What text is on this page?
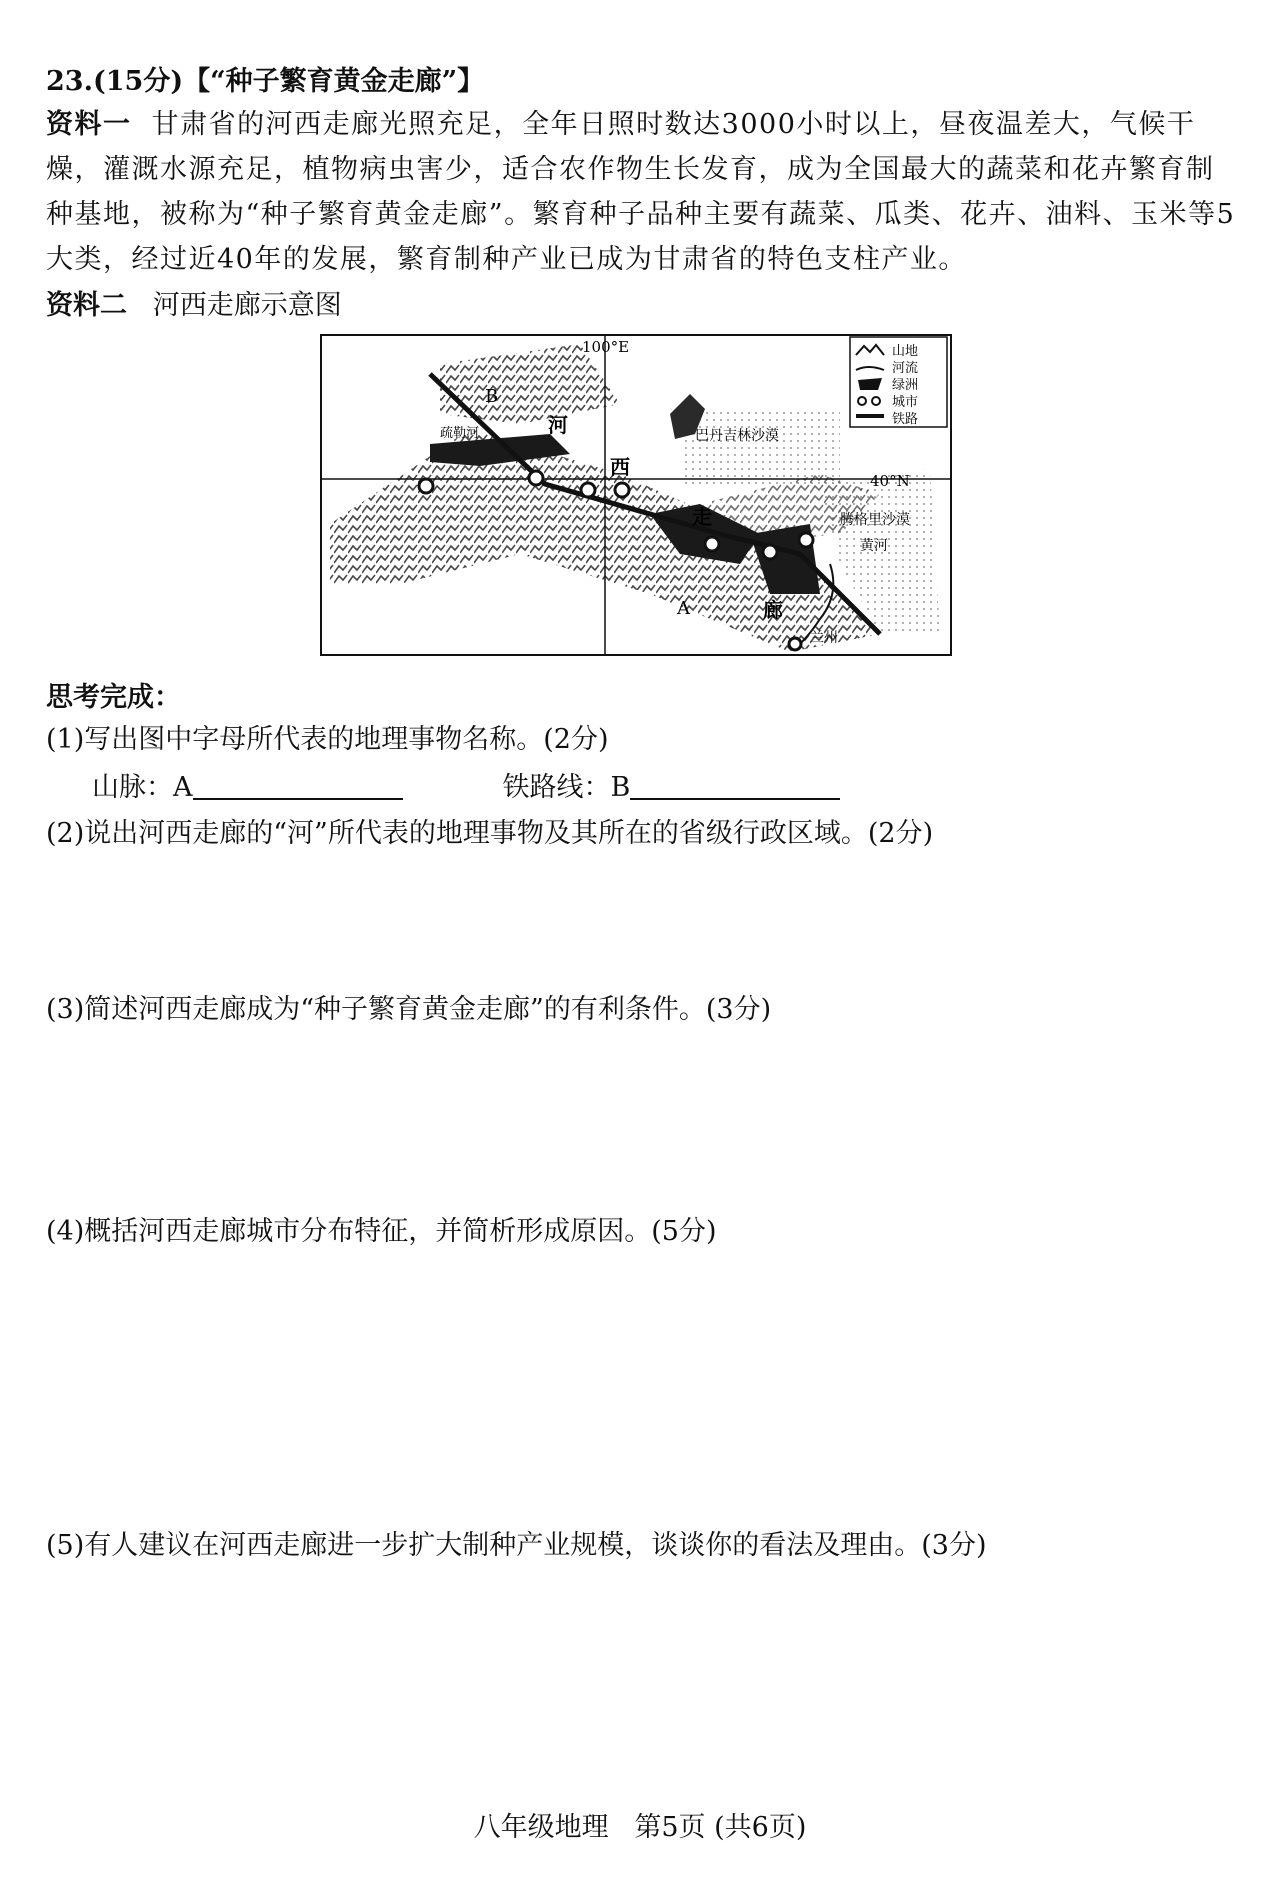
23.(15分)【“种子繁育黄金走廊”】
资料一 甘肃省的河西走廊光照充足，全年日照时数达3000小时以上，昼夜温差大，气候干燥，灌溉水源充足，植物病虫害少，适合农作物生长发育，成为全国最大的蔬菜和花卉繁育制种基地，被称为“种子繁育黄金走廊”。繁育种子品种主要有蔬菜、瓜类、花卉、油料、玉米等5大类，经过近40年的发展，繁育制种产业已成为甘肃省的特色支柱产业。
资料二 河西走廊示意图
100°E
40°N
疏勒河	巴丹吉林沙漠
腾格里沙漠
黄河
兰州
河
西
走
廊
A
B
山地
河流
绿洲
城市
铁路
思考完成：
(1)写出图中字母所代表的地理事物名称。(2分)
山脉：A	铁路线：B
(2)说出河西走廊的“河”所代表的地理事物及其所在的省级行政区域。(2分)
(3)简述河西走廊成为“种子繁育黄金走廊”的有利条件。(3分)
(4)概括河西走廊城市分布特征，并简析形成原因。(5分)
(5)有人建议在河西走廊进一步扩大制种产业规模，谈谈你的看法及理由。(3分)
八年级地理 第5页 (共6页)
